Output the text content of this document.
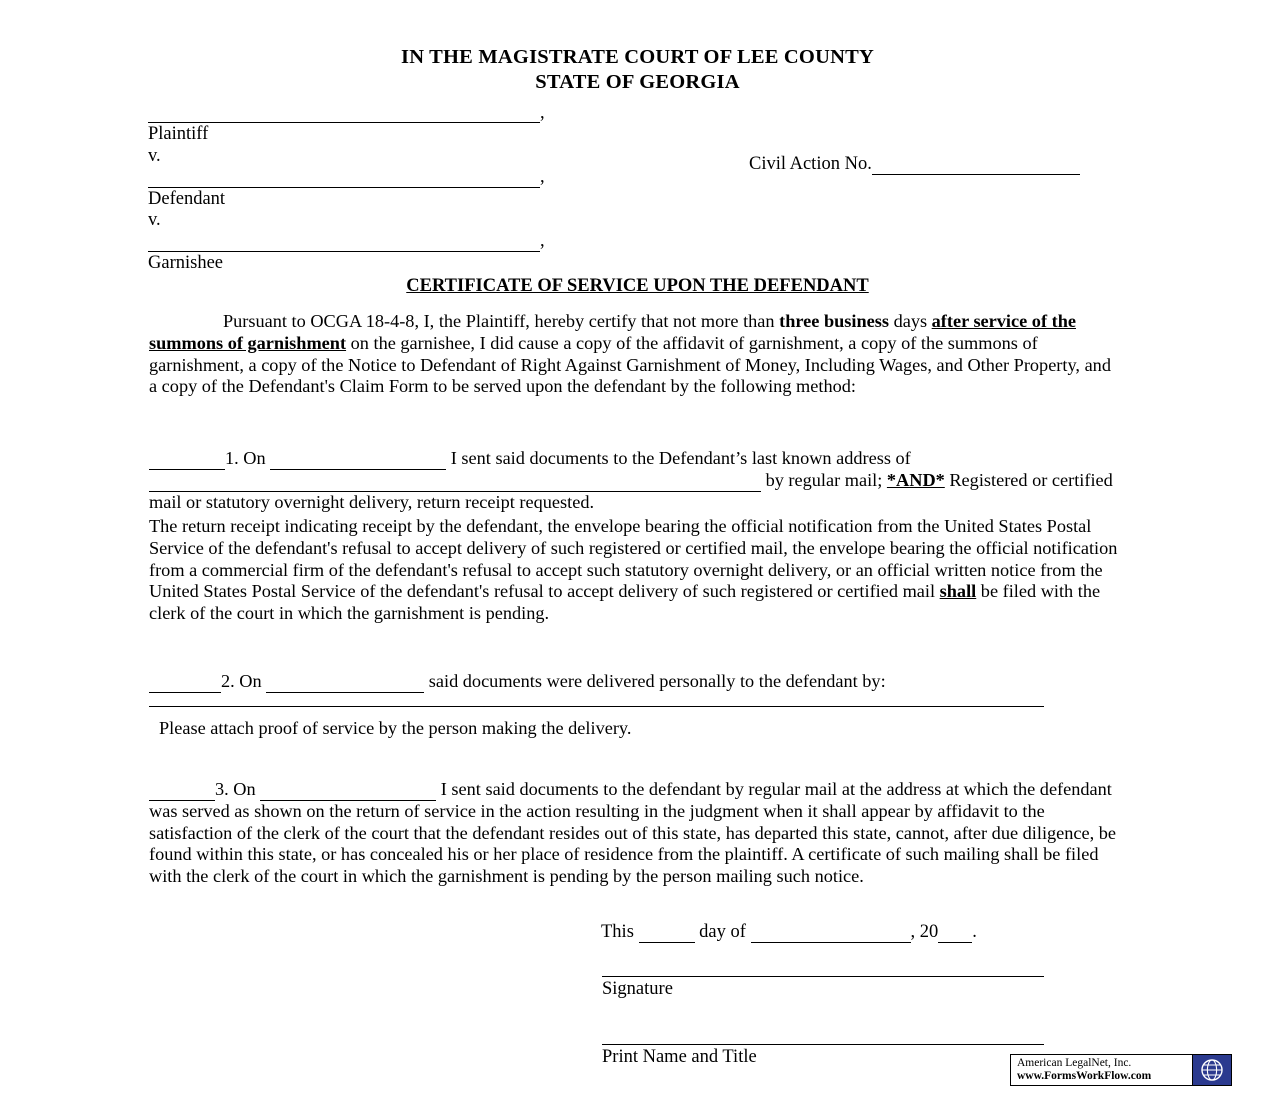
IN THE MAGISTRATE COURT OF LEE COUNTY
STATE OF GEORGIA
,
Plaintiff
v.
,
Defendant
v.
,
Garnishee
Civil Action No.
CERTIFICATE OF SERVICE UPON THE DEFENDANT
Pursuant to OCGA 18-4-8, I, the Plaintiff, hereby certify that not more than three business days after service of the summons of garnishment on the garnishee, I did cause a copy of the affidavit of garnishment, a copy of the summons of garnishment, a copy of the Notice to Defendant of Right Against Garnishment of Money, Including Wages, and Other Property, and a copy of the Defendant's Claim Form to be served upon the defendant by the following method:
1. On	I sent said documents to the Defendant’s last known address of  by regular mail; *AND* Registered or certified mail or statutory overnight delivery, return receipt requested.
The return receipt indicating receipt by the defendant, the envelope bearing the official notification from the United States Postal Service of the defendant's refusal to accept delivery of such registered or certified mail, the envelope bearing the official notification from a commercial firm of the defendant's refusal to accept such statutory overnight delivery, or an official written notice from the United States Postal Service of the defendant's refusal to accept delivery of such registered or certified mail shall be filed with the clerk of the court in which the garnishment is pending.
2. On	said documents were delivered personally to the defendant by:
Please attach proof of service by the person making the delivery.
3. On	I sent said documents to the defendant by regular mail at the address at which the defendant was served as shown on the return of service in the action resulting in the judgment when it shall appear by affidavit to the satisfaction of the clerk of the court that the defendant resides out of this state, has departed this state, cannot, after due diligence, be found within this state, or has concealed his or her place of residence from the plaintiff. A certificate of such mailing shall be filed with the clerk of the court in which the garnishment is pending by the person mailing such notice.
This	day of	, 20 .
Signature
Print Name and Title	American LegalNet, Inc.
www.FormsWorkFlow.com
